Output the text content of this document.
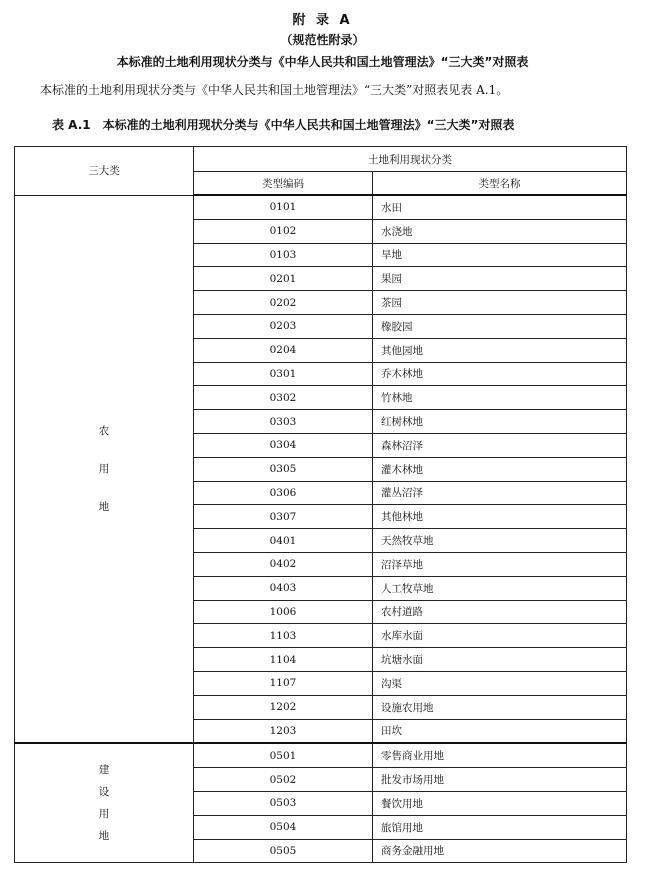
附 录 A
（规范性附录）
本标准的土地利用现状分类与《中华人民共和国土地管理法》“三大类”对照表
本标准的土地利用现状分类与《中华人民共和国土地管理法》“三大类”对照表见表 A.1。
表 A.1 本标准的土地利用现状分类与《中华人民共和国土地管理法》“三大类”对照表
三大类	土地利用现状分类	
	类型编码	类型名称

农
用
地	0101	水田
	0102	水浇地
	0103	旱地
	0201	果园
	0202	茶园
	0203	橡胶园
	0204	其他园地
	0301	乔木林地
	0302	竹林地
	0303	红树林地
	0304	森林沼泽
	0305	灌木林地
	0306	灌丛沼泽
	0307	其他林地
	0401	天然牧草地
	0402	沼泽草地
	0403	人工牧草地
	1006	农村道路
	1103	水库水面
	1104	坑塘水面
	1107	沟渠
	1202	设施农用地
	1203	田坎

建
设
用
地	0501	零售商业用地
	0502	批发市场用地
	0503	餐饮用地
	0504	旅馆用地
	0505	商务金融用地
